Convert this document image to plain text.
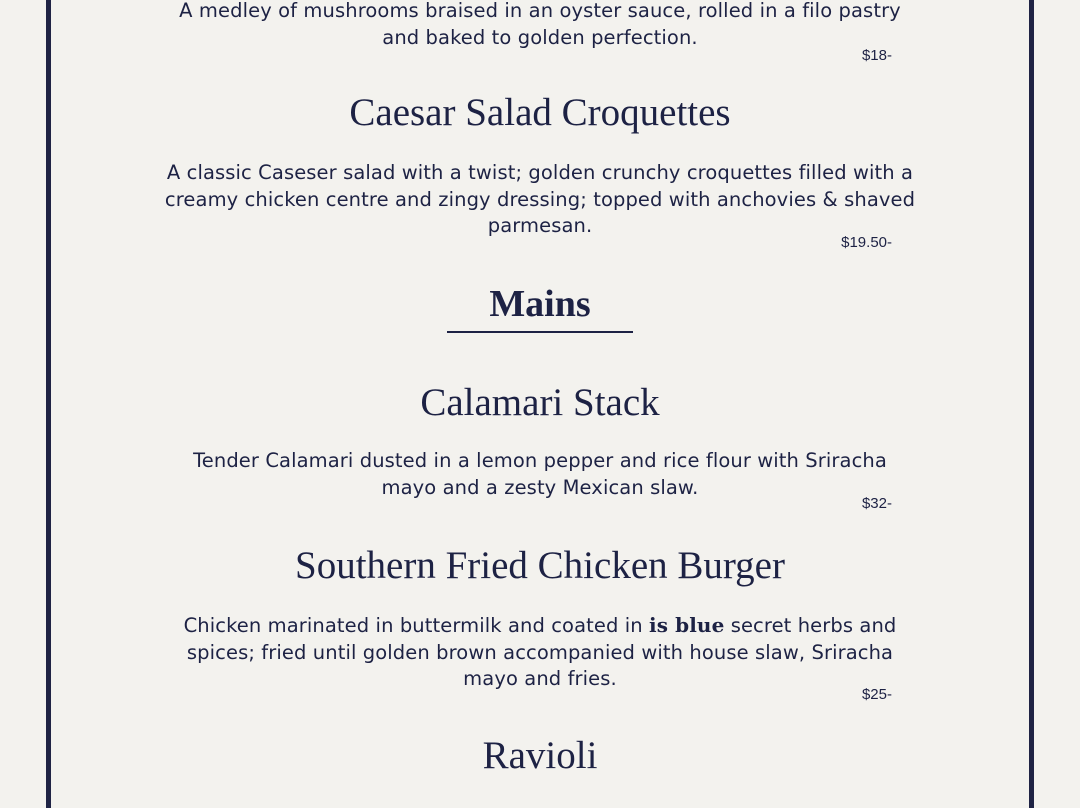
A medley of mushrooms braised in an oyster sauce, rolled in a filo pastry
and baked to golden perfection.
$18-
Caesar Salad Croquettes
A classic Caseser salad with a twist; golden crunchy croquettes filled with a
creamy chicken centre and zingy dressing; topped with anchovies & shaved
parmesan.
$19.50-
Mains
Calamari Stack
Tender Calamari dusted in a lemon pepper and rice flour with Sriracha
mayo and a zesty Mexican slaw.
$32-
Southern Fried Chicken Burger
Chicken marinated in buttermilk and coated in is blue secret herbs and
spices; fried until golden brown accompanied with house slaw, Sriracha
mayo and fries.
$25-
Ravioli
